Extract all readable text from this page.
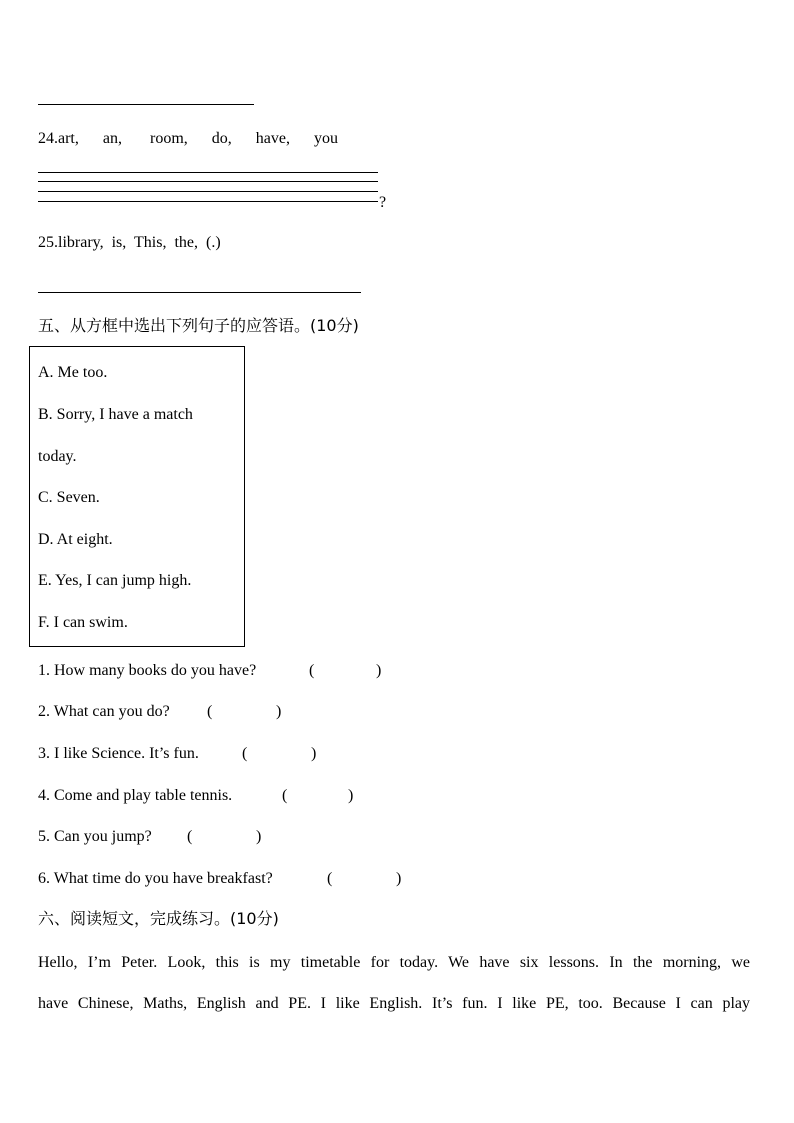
24.art, an, room, do, have, you
?
25.library,  is,  This,  the,  (.)
五、从方框中选出下列句子的应答语。(10分)
A. Me too.
B. Sorry, I have a match
today.
C. Seven.
D. At eight.
E. Yes, I can jump high.
F. I can swim.
1. How many books do you have?	(	)
2. What can you do? (	)
3. I like Science. It’s fun.	(	)
4. Come and play table tennis.	(	)
5. Can you jump? (	)
6. What time do you have breakfast?	(	)
六、阅读短文，完成练习。(10分)
Hello, I’m Peter. Look, this is my timetable for today. We have six lessons. In the morning, we
have Chinese, Maths, English and PE. I like English. It’s fun. I like PE, too. Because I can play
